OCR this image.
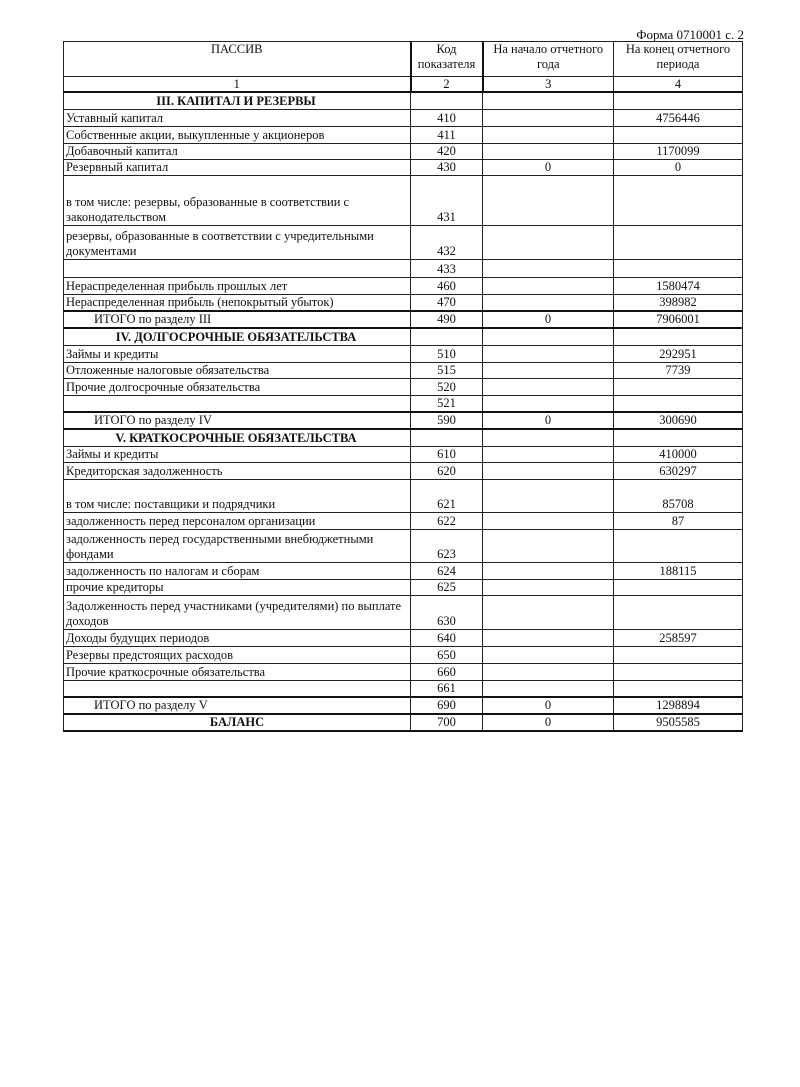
Форма 0710001 с. 2
ПАССИВ	Код показателя	На начало отчетного года	На конец отчетного периода
1	2	3	4
III. КАПИТАЛ И РЕЗЕРВЫ			
Уставный капитал	410		4756446
Собственные акции, выкупленные у акционеров	411		
Добавочный капитал	420		1170099
Резервный капитал	430	0	0
в том числе: резервы, образованные в соответствии с законодательством	431		
резервы, образованные в соответствии с учредительными документами	432		
	433		
Нераспределенная прибыль прошлых лет	460		1580474
Нераспределенная прибыль (непокрытый убыток)	470		398982
ИТОГО по разделу III	490	0	7906001
IV. ДОЛГОСРОЧНЫЕ ОБЯЗАТЕЛЬСТВА			
Займы и кредиты	510		292951
Отложенные налоговые обязательства	515		7739
Прочие долгосрочные обязательства	520		
	521		
ИТОГО по разделу IV	590	0	300690
V. КРАТКОСРОЧНЫЕ ОБЯЗАТЕЛЬСТВА			
Займы и кредиты	610		410000
Кредиторская задолженность	620		630297
в том числе: поставщики и подрядчики	621		85708
задолженность перед персоналом организации	622		87
задолженность перед государственными внебюджетными фондами	623		
задолженность по налогам и сборам	624		188115
прочие кредиторы	625		
Задолженность перед участниками (учредителями) по выплате доходов	630		
Доходы будущих периодов	640		258597
Резервы предстоящих расходов	650		
Прочие краткосрочные обязательства	660		
	661		
ИТОГО по разделу V	690	0	1298894
БАЛАНС	700	0	9505585
